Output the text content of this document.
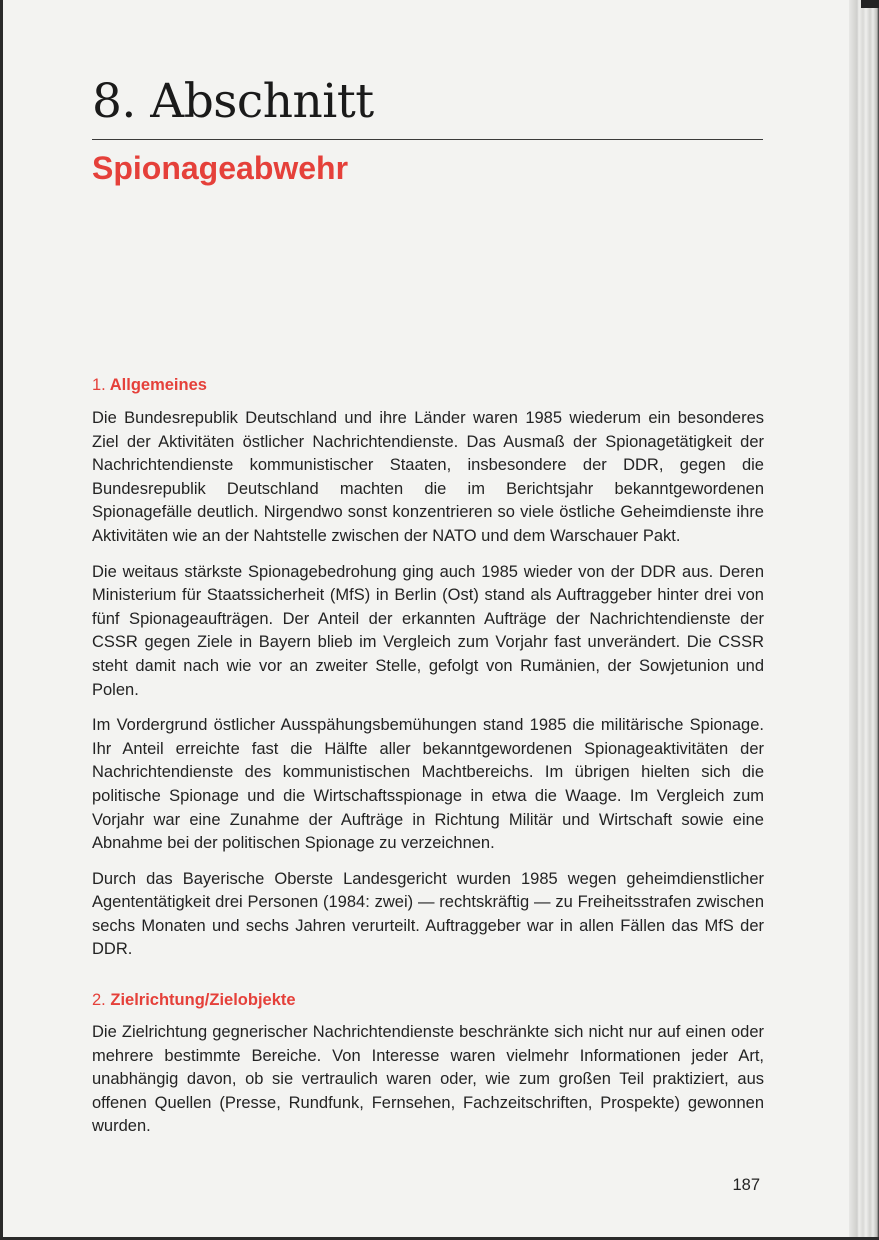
8. Abschnitt
Spionageabwehr
1. Allgemeines

Die Bundesrepublik Deutschland und ihre Länder waren 1985 wiederum ein besonderes Ziel der Aktivitäten östlicher Nachrichtendienste. Das Ausmaß der Spionagetätigkeit der Nachrichtendienste kommunistischer Staaten, insbesondere der DDR, gegen die Bundesrepublik Deutschland machten die im Berichtsjahr bekanntgewordenen Spionagefälle deutlich. Nirgendwo sonst konzentrieren so viele östliche Geheimdienste ihre Aktivitäten wie an der Nahtstelle zwischen der NATO und dem Warschauer Pakt.

Die weitaus stärkste Spionagebedrohung ging auch 1985 wieder von der DDR aus. Deren Ministerium für Staatssicherheit (MfS) in Berlin (Ost) stand als Auftraggeber hinter drei von fünf Spionageaufträgen. Der Anteil der erkannten Aufträge der Nachrichtendienste der CSSR gegen Ziele in Bayern blieb im Vergleich zum Vorjahr fast unverändert. Die CSSR steht damit nach wie vor an zweiter Stelle, gefolgt von Rumänien, der Sowjetunion und Polen.

Im Vordergrund östlicher Ausspähungsbemühungen stand 1985 die militärische Spionage. Ihr Anteil erreichte fast die Hälfte aller bekanntgewordenen Spionageaktivitäten der Nachrichtendienste des kommunistischen Machtbereichs. Im übrigen hielten sich die politische Spionage und die Wirtschaftsspionage in etwa die Waage. Im Vergleich zum Vorjahr war eine Zunahme der Aufträge in Richtung Militär und Wirtschaft sowie eine Abnahme bei der politischen Spionage zu verzeichnen.

Durch das Bayerische Oberste Landesgericht wurden 1985 wegen geheimdienstlicher Agententätigkeit drei Personen (1984: zwei) — rechtskräftig — zu Freiheitsstrafen zwischen sechs Monaten und sechs Jahren verurteilt. Auftraggeber war in allen Fällen das MfS der DDR.

2. Zielrichtung/Zielobjekte

Die Zielrichtung gegnerischer Nachrichtendienste beschränkte sich nicht nur auf einen oder mehrere bestimmte Bereiche. Von Interesse waren vielmehr Informationen jeder Art, unabhängig davon, ob sie vertraulich waren oder, wie zum großen Teil praktiziert, aus offenen Quellen (Presse, Rundfunk, Fernsehen, Fachzeitschriften, Prospekte) gewonnen wurden.

187
